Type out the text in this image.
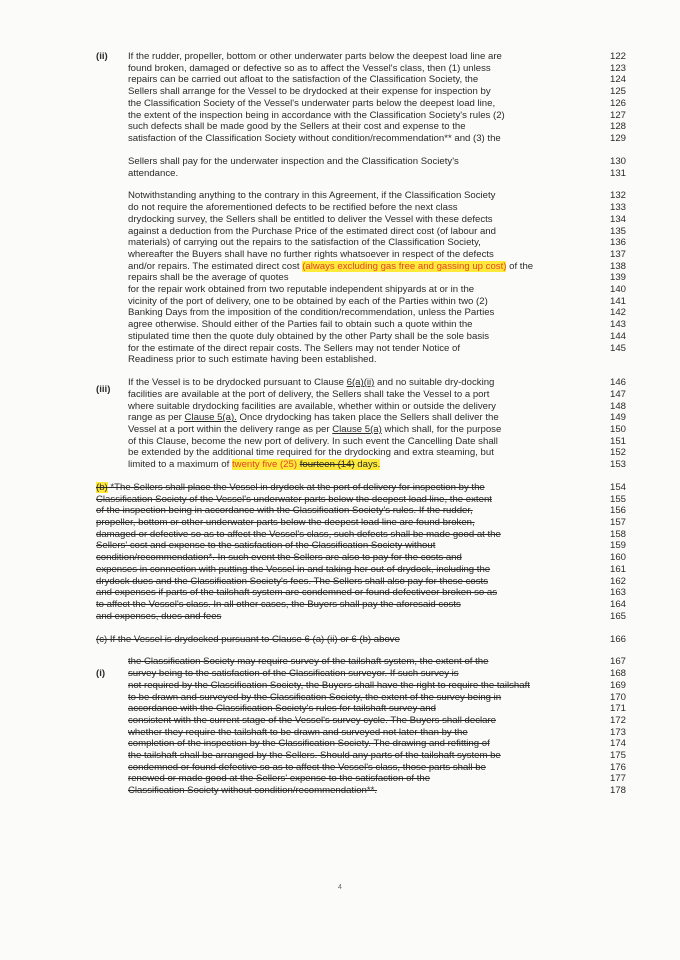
(ii)
(iii)
(i)
If the rudder, propeller, bottom or other underwater parts below the deepest load line are
found broken, damaged or defective so as to affect the Vessel's class, then (1) unless
repairs can be carried out afloat to the satisfaction of the Classification Society, the
Sellers shall arrange for the Vessel to be drydocked at their expense for inspection by
the Classification Society of the Vessel's underwater parts below the deepest load line,
the extent of the inspection being in accordance with the Classification Society's rules (2)
such defects shall be made good by the Sellers at their cost and expense to the
satisfaction of the Classification Society without condition/recommendation** and (3) the
Sellers shall pay for the underwater inspection and the Classification Society's
attendance.
Notwithstanding anything to the contrary in this Agreement, if the Classification Society
do not require the aforementioned defects to be rectified before the next class
drydocking survey, the Sellers shall be entitled to deliver the Vessel with these defects
against a deduction from the Purchase Price of the estimated direct cost (of labour and
materials) of carrying out the repairs to the satisfaction of the Classification Society,
whereafter the Buyers shall have no further rights whatsoever in respect of the defects
and/or repairs. The estimated direct cost (always excluding gas free and gassing up cost) of the
repairs shall be the average of quotes
for the repair work obtained from two reputable independent shipyards at or in the
vicinity of the port of delivery, one to be obtained by each of the Parties within two (2)
Banking Days from the imposition of the condition/recommendation, unless the Parties
agree otherwise. Should either of the Parties fail to obtain such a quote within the
stipulated time then the quote duly obtained by the other Party shall be the sole basis
for the estimate of the direct repair costs. The Sellers may not tender Notice of
Readiness prior to such estimate having been established.
If the Vessel is to be drydocked pursuant to Clause 6(a)(ii) and no suitable dry-docking
facilities are available at the port of delivery, the Sellers shall take the Vessel to a port
where suitable drydocking facilities are available, whether within or outside the delivery
range as per Clause 5(a). Once drydocking has taken place the Sellers shall deliver the
Vessel at a port within the delivery range as per Clause 5(a) which shall, for the purpose
of this Clause, become the new port of delivery. In such event the Cancelling Date shall
be extended by the additional time required for the drydocking and extra steaming, but
limited to a maximum of twenty five (25) fourteen (14) days.
(b) *The Sellers shall place the Vessel in drydock at the port of delivery for inspection by the
Classification Society of the Vessel's underwater parts below the deepest load line, the extent
of the inspection being in accordance with the Classification Society's rules. If the rudder,
propeller, bottom or other underwater parts below the deepest load line are found broken,
damaged or defective so as to affect the Vessel's class, such defects shall be made good at the
Sellers' cost and expense to the satisfaction of the Classification Society without
condition/recommendation*. In such event the Sellers are also to pay for the costs and
expenses in connection with putting the Vessel in and taking her out of drydock, including the
drydock dues and the Classification Society's fees. The Sellers shall also pay for these costs
and expenses if parts of the tailshaft system are condemned or found defectiveor broken so as
to affect the Vessel's class. In all other cases, the Buyers shall pay the aforesaid costs
and expenses, dues and fees
(c) If the Vessel is drydocked pursuant to Clause 6 (a) (ii) or 6 (b) above
the Classification Society may require survey of the tailshaft system, the extent of the
survey being to the satisfaction of the Classification surveyor. If such survey is
not required by the Classification Society, the Buyers shall have the right to require the tailshaft
to be drawn and surveyed by the Classification Society, the extent of the survey being in
accordance with the Classification Society's rules for tailshaft survey and
consistent with the current stage of the Vessel's survey cycle. The Buyers shall declare
whether they require the tailshaft to be drawn and surveyed not later than by the
completion of the inspection by the Classification Society. The drawing and refitting of
the tailshaft shall be arranged by the Sellers. Should any parts of the tailshaft system be
condemned or found defective so as to affect the Vessel's class, those parts shall be
renewed or made good at the Sellers' expense to the satisfaction of the
Classification Society without condition/recommendation**.
122
123
124
125
126
127
128
129
130
131
132
133
134
135
136
137
138
139
140
141
142
143
144
145
146
147
148
149
150
151
152
153
154
155
156
157
158
159
160
161
162
163
164
165
166
167
168
169
170
171
172
173
174
175
176
177
178
4
